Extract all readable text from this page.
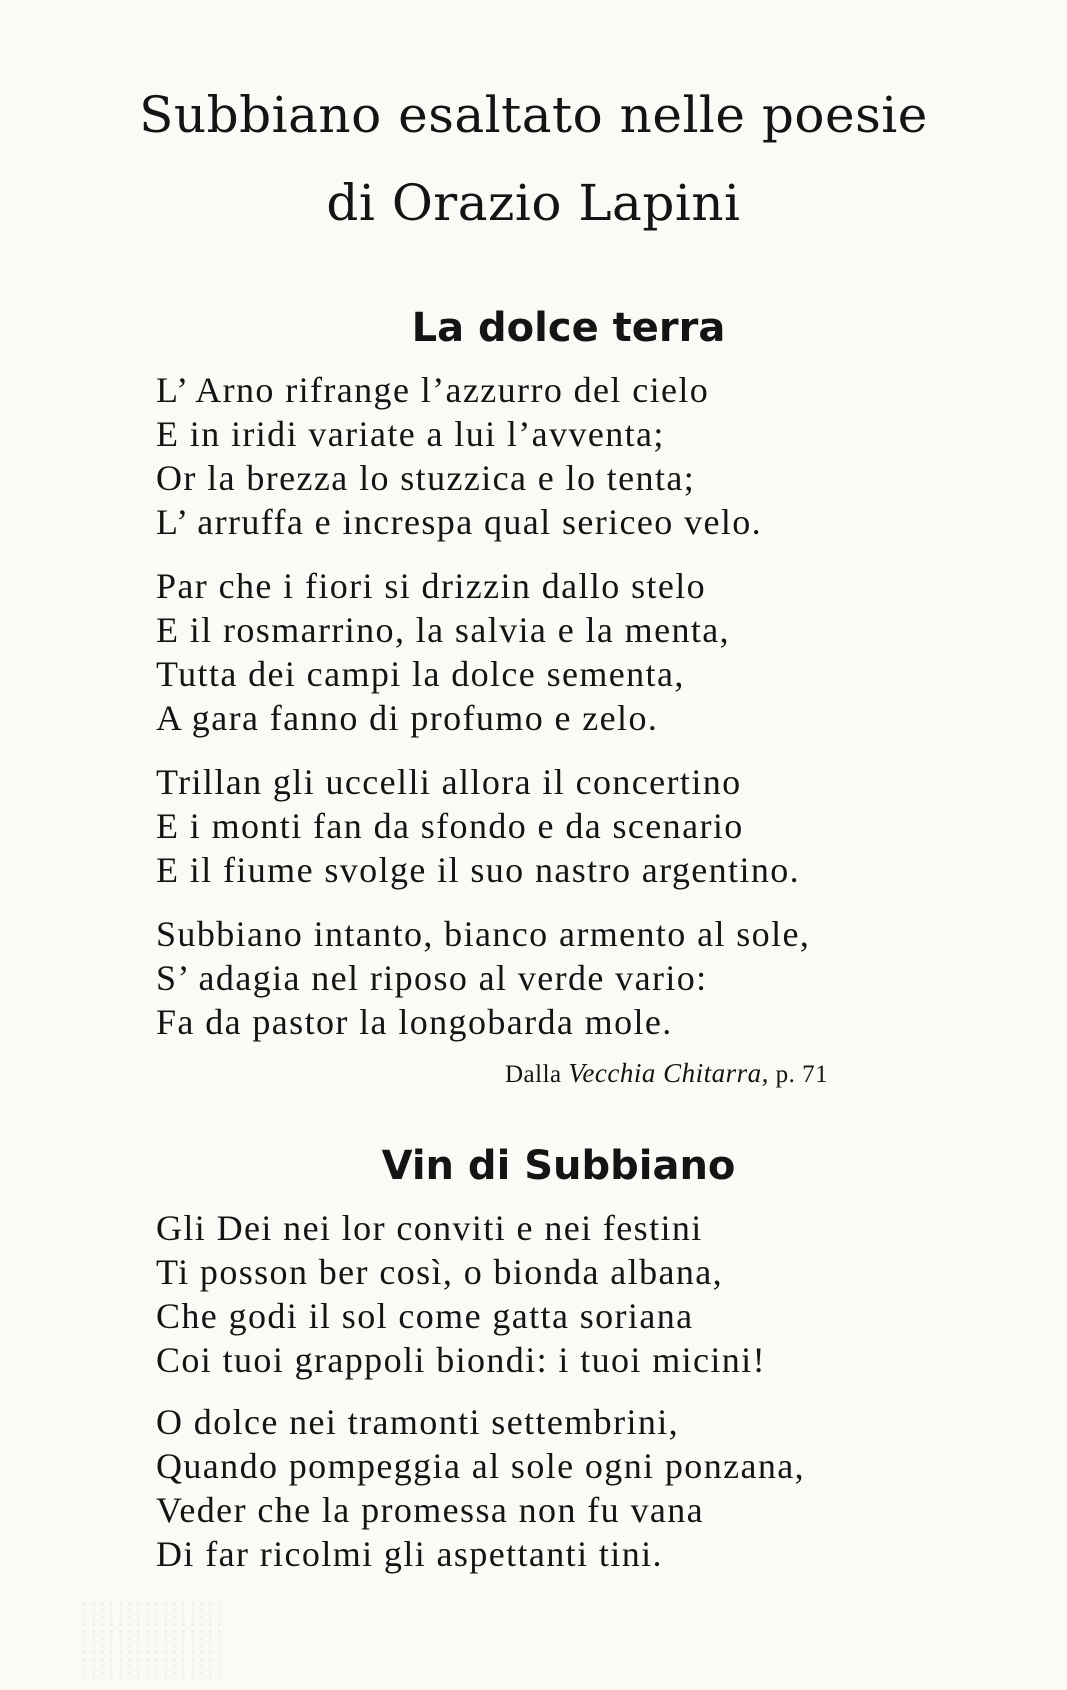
Subbiano esaltato nelle poesie
di Orazio Lapini
La dolce terra
L’ Arno rifrange l’azzurro del cielo
E in iridi variate a lui l’avventa;
Or la brezza lo stuzzica e lo tenta;
L’ arruffa e increspa qual sericeo velo.
Par che i fiori si drizzin dallo stelo
E il rosmarrino, la salvia e la menta,
Tutta dei campi la dolce sementa,
A gara fanno di profumo e zelo.
Trillan gli uccelli allora il concertino
E i monti fan da sfondo e da scenario
E il fiume svolge il suo nastro argentino.
Subbiano intanto, bianco armento al sole,
S’ adagia nel riposo al verde vario:
Fa da pastor la longobarda mole.
Dalla Vecchia Chitarra, p. 71
Vin di Subbiano
Gli Dei nei lor conviti e nei festini
Ti posson ber così, o bionda albana,
Che godi il sol come gatta soriana
Coi tuoi grappoli biondi: i tuoi micini!
O dolce nei tramonti settembrini,
Quando pompeggia al sole ogni ponzana,
Veder che la promessa non fu vana
Di far ricolmi gli aspettanti tini.
